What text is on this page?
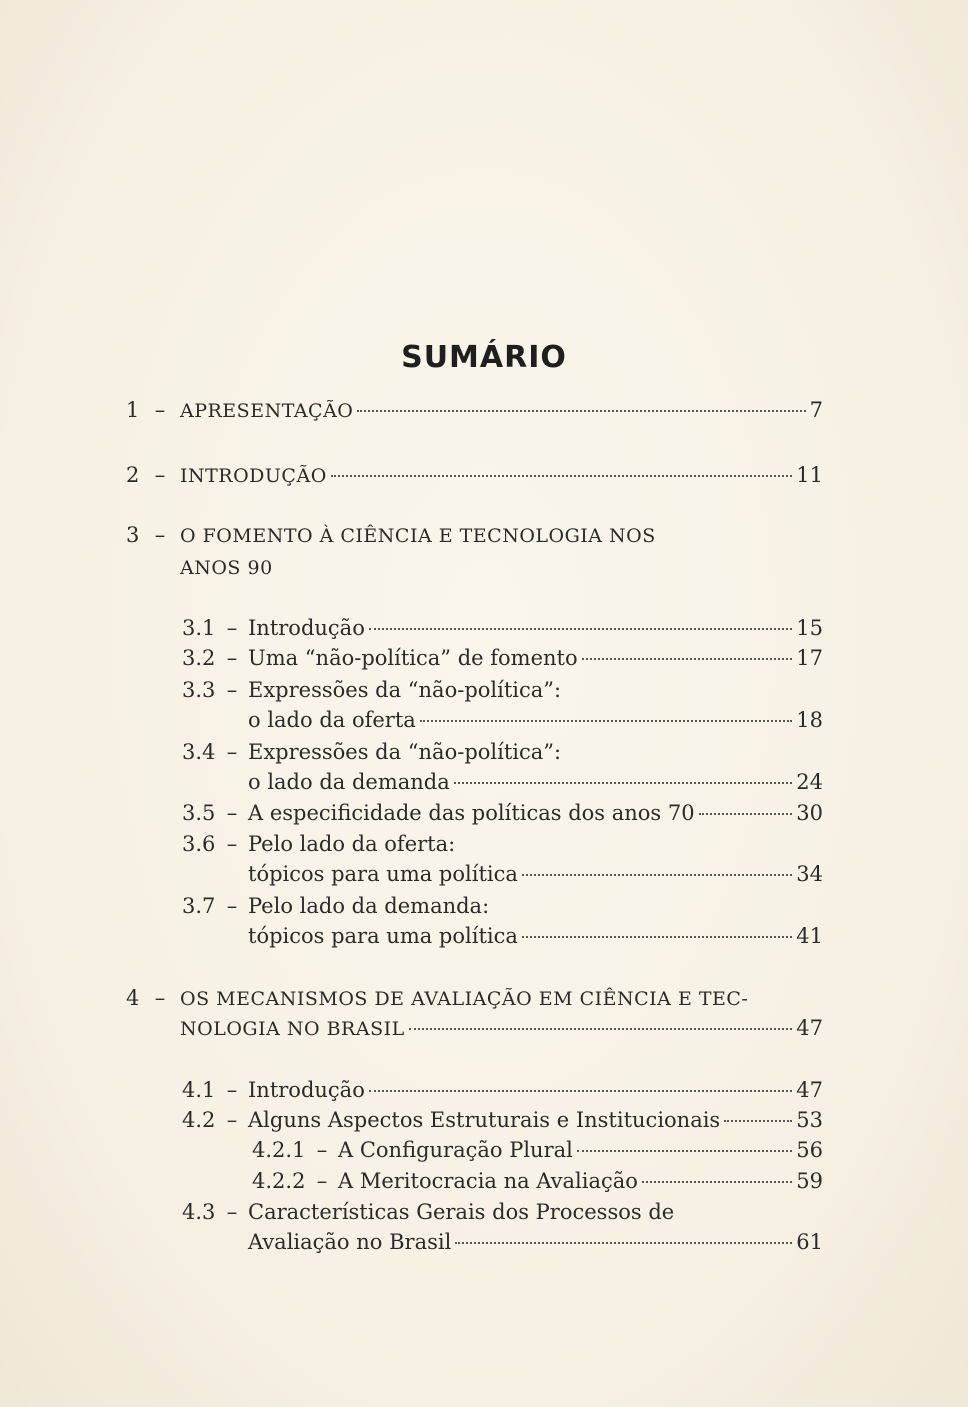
SUMÁRIO
1 – APRESENTAÇÃO	7
2 – INTRODUÇÃO	11
3 – O FOMENTO À CIÊNCIA E TECNOLOGIA NOS
ANOS 90
3.1 – Introdução	15
3.2 – Uma “não-política” de fomento	17
3.3 – Expressões da “não-política”:
o lado da oferta	18
3.4 – Expressões da “não-política”:
o lado da demanda	24
3.5 – A especificidade das políticas dos anos 70	30
3.6 – Pelo lado da oferta:
tópicos para uma política	34
3.7 – Pelo lado da demanda:
tópicos para uma política	41
4 – OS MECANISMOS DE AVALIAÇÃO EM CIÊNCIA E TEC-
NOLOGIA NO BRASIL	47
4.1 – Introdução	47
4.2 – Alguns Aspectos Estruturais e Institucionais	53
4.2.1 – A Configuração Plural	56
4.2.2 – A Meritocracia na Avaliação	59
4.3 – Características Gerais dos Processos de
Avaliação no Brasil	61
